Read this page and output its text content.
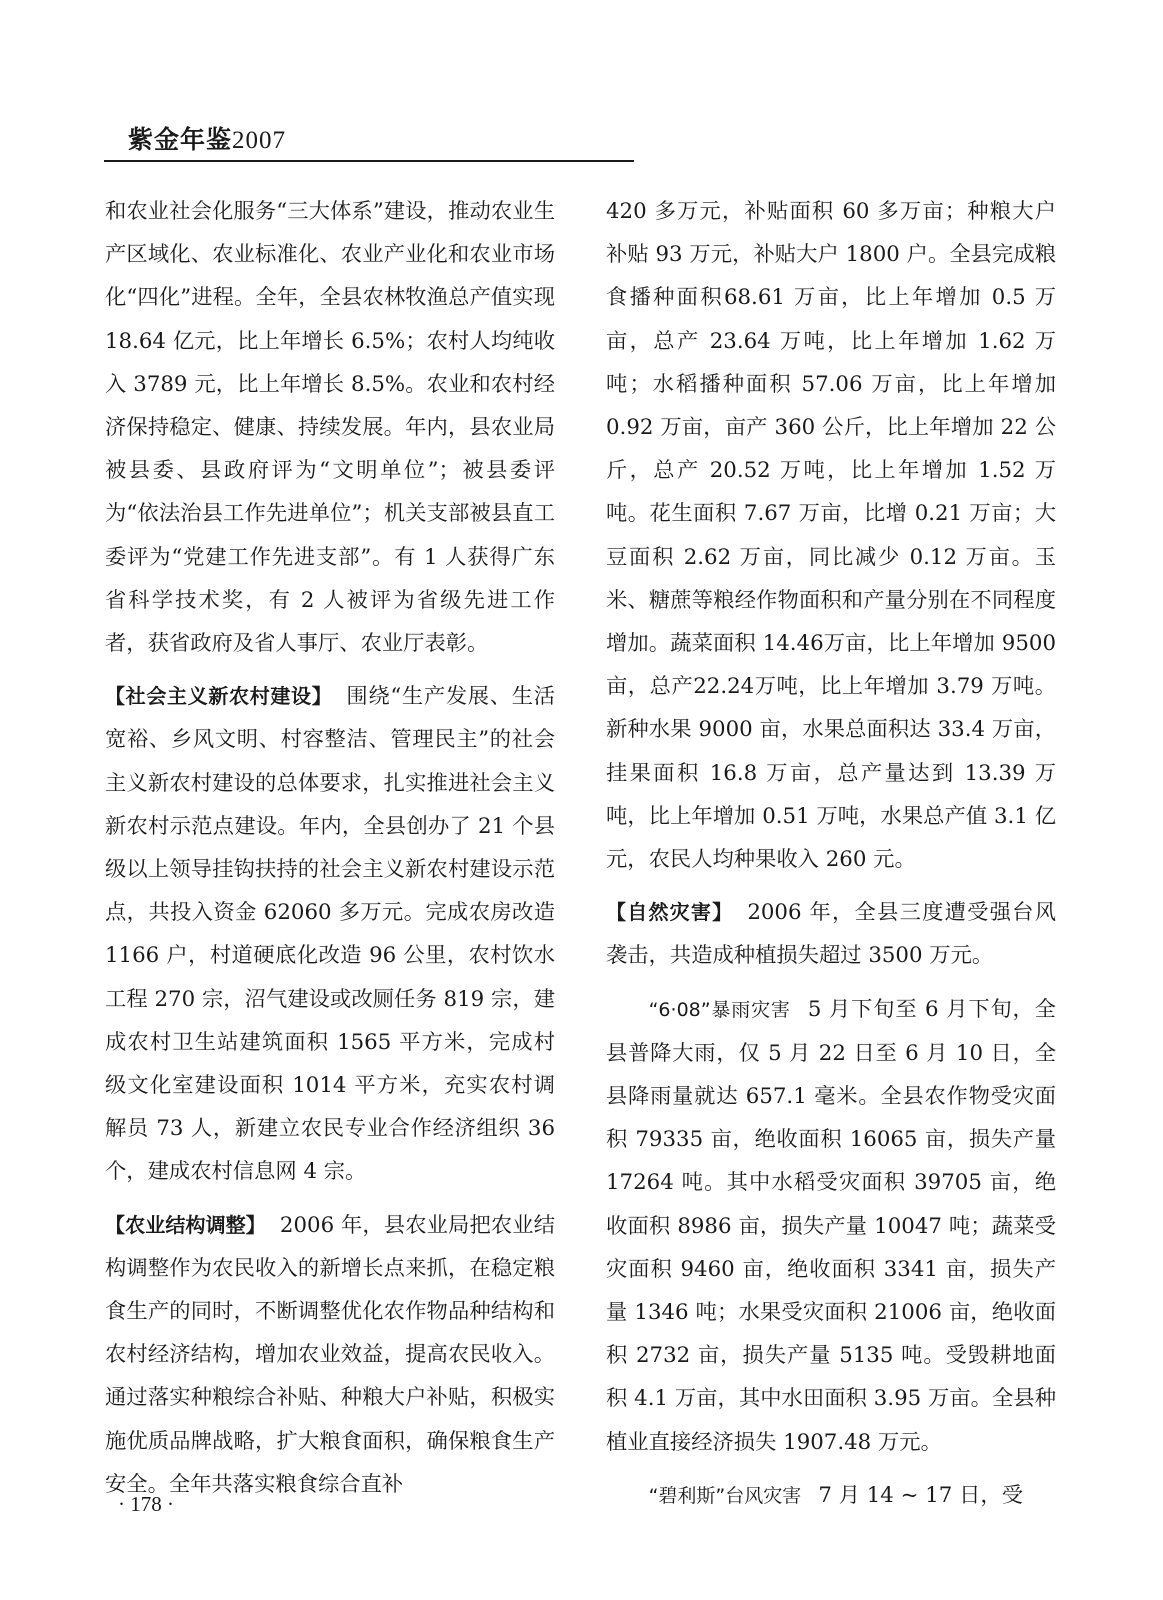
紫金年鉴2007

和农业社会化服务“三大体系”建设，推动农业生产区域化、农业标准化、农业产业化和农业市场化“四化”进程。全年，全县农林牧渔总产值实现 18.64 亿元，比上年增长 6.5%；农村人均纯收入 3789 元，比上年增长 8.5%。农业和农村经济保持稳定、健康、持续发展。年内，县农业局被县委、县政府评为“文明单位”；被县委评为“依法治县工作先进单位”；机关支部被县直工委评为“党建工作先进支部”。有 1 人获得广东省科学技术奖，有 2 人被评为省级先进工作者，获省政府及省人事厅、农业厅表彰。

【社会主义新农村建设】 围绕“生产发展、生活宽裕、乡风文明、村容整洁、管理民主”的社会主义新农村建设的总体要求，扎实推进社会主义新农村示范点建设。年内，全县创办了 21 个县级以上领导挂钩扶持的社会主义新农村建设示范点，共投入资金 62060 多万元。完成农房改造 1166 户，村道硬底化改造 96 公里，农村饮水工程 270 宗，沼气建设或改厕任务 819 宗，建成农村卫生站建筑面积 1565 平方米，完成村级文化室建设面积 1014 平方米，充实农村调解员 73 人，新建立农民专业合作经济组织 36 个，建成农村信息网 4 宗。

【农业结构调整】 2006 年，县农业局把农业结构调整作为农民收入的新增长点来抓，在稳定粮食生产的同时，不断调整优化农作物品种结构和农村经济结构，增加农业效益，提高农民收入。通过落实种粮综合补贴、种粮大户补贴，积极实施优质品牌战略，扩大粮食面积，确保粮食生产安全。全年共落实粮食综合直补

420 多万元，补贴面积 60 多万亩；种粮大户补贴 93 万元，补贴大户 1800 户。全县完成粮食播种面积68.61 万亩，比上年增加 0.5 万亩，总产 23.64 万吨，比上年增加 1.62 万吨；水稻播种面积 57.06 万亩，比上年增加 0.92 万亩，亩产 360 公斤，比上年增加 22 公斤，总产 20.52 万吨，比上年增加 1.52 万吨。花生面积 7.67 万亩，比增 0.21 万亩；大豆面积 2.62 万亩，同比减少 0.12 万亩。玉米、糖蔗等粮经作物面积和产量分别在不同程度增加。蔬菜面积 14.46万亩，比上年增加 9500 亩，总产22.24万吨，比上年增加 3.79 万吨。新种水果 9000 亩，水果总面积达 33.4 万亩，挂果面积 16.8 万亩，总产量达到 13.39 万吨，比上年增加 0.51 万吨，水果总产值 3.1 亿元，农民人均种果收入 260 元。

【自然灾害】 2006 年，全县三度遭受强台风袭击，共造成种植损失超过 3500 万元。

“6·08”暴雨灾害 5 月下旬至 6 月下旬，全县普降大雨，仅 5 月 22 日至 6 月 10 日，全县降雨量就达 657.1 毫米。全县农作物受灾面积 79335 亩，绝收面积 16065 亩，损失产量 17264 吨。其中水稻受灾面积 39705 亩，绝收面积 8986 亩，损失产量 10047 吨；蔬菜受灾面积 9460 亩，绝收面积 3341 亩，损失产量 1346 吨；水果受灾面积 21006 亩，绝收面积 2732 亩，损失产量 5135 吨。受毁耕地面积 4.1 万亩，其中水田面积 3.95 万亩。全县种植业直接经济损失 1907.48 万元。

“碧利斯”台风灾害 7 月 14 ~ 17 日，受

· 178 ·
